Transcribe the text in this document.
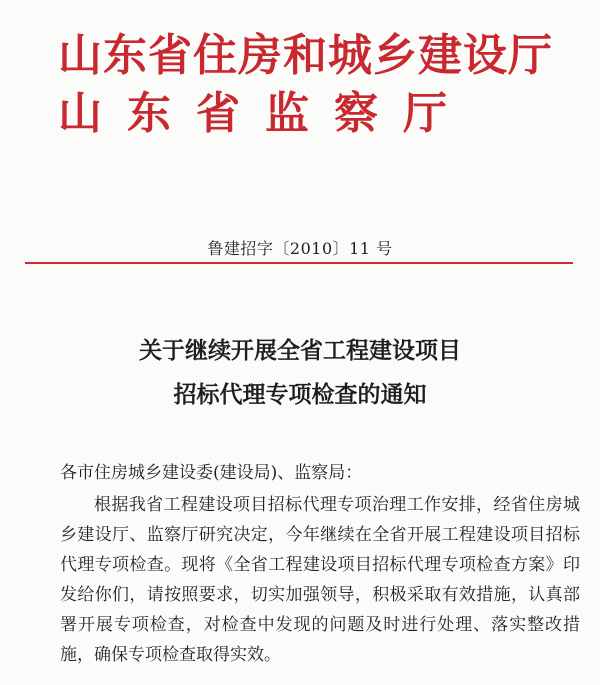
山东省住房和城乡建设厅
山东省监察厅
鲁建招字〔2010〕11 号
关于继续开展全省工程建设项目
招标代理专项检查的通知
各市住房城乡建设委(建设局)、监察局：
根据我省工程建设项目招标代理专项治理工作安排，经省住房城乡建设厅、监察厅研究决定，今年继续在全省开展工程建设项目招标代理专项检查。现将《全省工程建设项目招标代理专项检查方案》印发给你们，请按照要求，切实加强领导，积极采取有效措施，认真部署开展专项检查，对检查中发现的问题及时进行处理、落实整改措施，确保专项检查取得实效。
